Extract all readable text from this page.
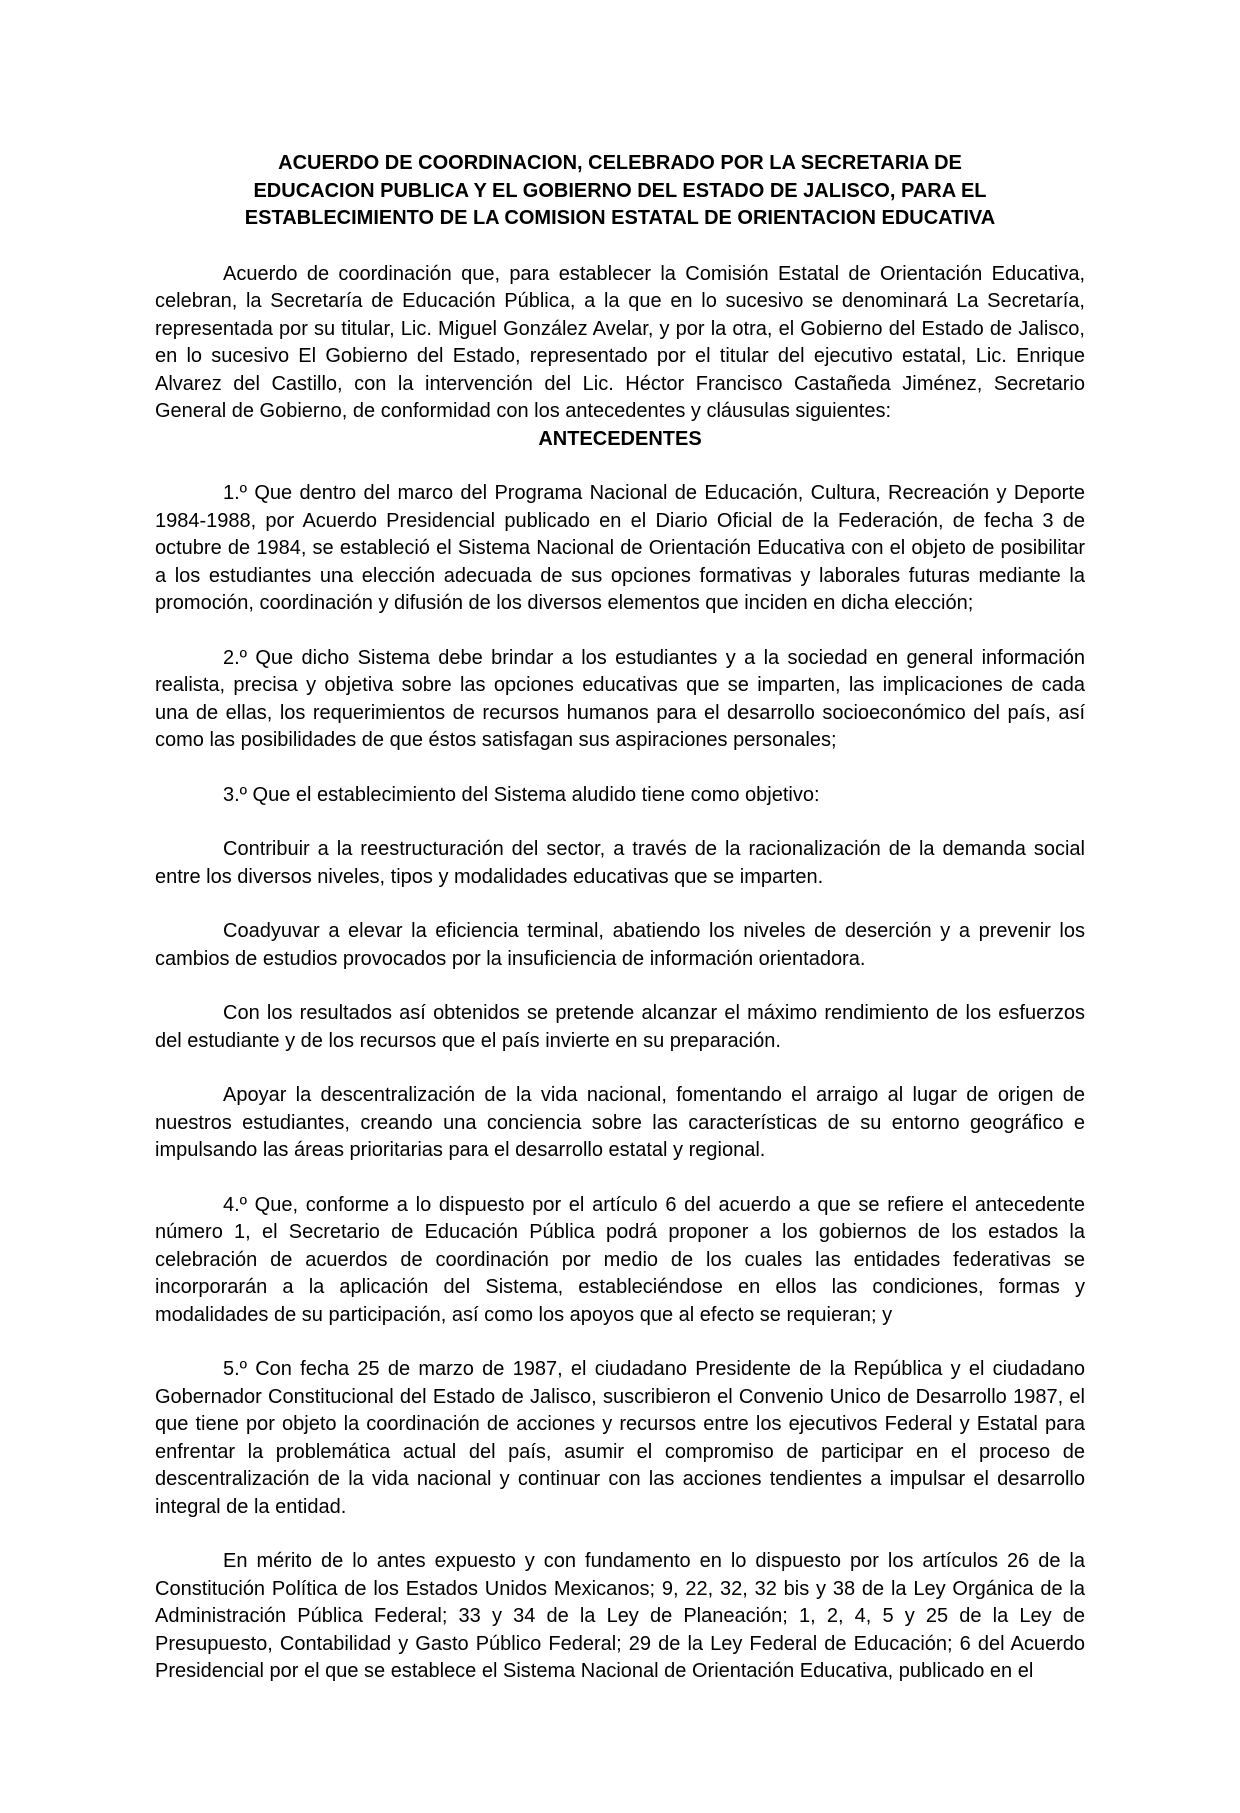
ACUERDO DE COORDINACION, CELEBRADO POR LA SECRETARIA DE EDUCACION PUBLICA Y EL GOBIERNO DEL ESTADO DE JALISCO, PARA EL ESTABLECIMIENTO DE LA COMISION ESTATAL DE ORIENTACION EDUCATIVA

Acuerdo de coordinación que, para establecer la Comisión Estatal de Orientación Educativa, celebran, la Secretaría de Educación Pública, a la que en lo sucesivo se denominará La Secretaría, representada por su titular, Lic. Miguel González Avelar, y por la otra, el Gobierno del Estado de Jalisco, en lo sucesivo El Gobierno del Estado, representado por el titular del ejecutivo estatal, Lic. Enrique Alvarez del Castillo, con la intervención del Lic. Héctor Francisco Castañeda Jiménez, Secretario General de Gobierno, de conformidad con los antecedentes y cláusulas siguientes:

ANTECEDENTES

1.º Que dentro del marco del Programa Nacional de Educación, Cultura, Recreación y Deporte 1984-1988, por Acuerdo Presidencial publicado en el Diario Oficial de la Federación, de fecha 3 de octubre de 1984, se estableció el Sistema Nacional de Orientación Educativa con el objeto de posibilitar a los estudiantes una elección adecuada de sus opciones formativas y laborales futuras mediante la promoción, coordinación y difusión de los diversos elementos que inciden en dicha elección;

2.º Que dicho Sistema debe brindar a los estudiantes y a la sociedad en general información realista, precisa y objetiva sobre las opciones educativas que se imparten, las implicaciones de cada una de ellas, los requerimientos de recursos humanos para el desarrollo socioeconómico del país, así como las posibilidades de que éstos satisfagan sus aspiraciones personales;

3.º Que el establecimiento del Sistema aludido tiene como objetivo:

Contribuir a la reestructuración del sector, a través de la racionalización de la demanda social entre los diversos niveles, tipos y modalidades educativas que se imparten.

Coadyuvar a elevar la eficiencia terminal, abatiendo los niveles de deserción y a prevenir los cambios de estudios provocados por la insuficiencia de información orientadora.

Con los resultados así obtenidos se pretende alcanzar el máximo rendimiento de los esfuerzos del estudiante y de los recursos que el país invierte en su preparación.

Apoyar la descentralización de la vida nacional, fomentando el arraigo al lugar de origen de nuestros estudiantes, creando una conciencia sobre las características de su entorno geográfico e impulsando las áreas prioritarias para el desarrollo estatal y regional.

4.º Que, conforme a lo dispuesto por el artículo 6 del acuerdo a que se refiere el antecedente número 1, el Secretario de Educación Pública podrá proponer a los gobiernos de los estados la celebración de acuerdos de coordinación por medio de los cuales las entidades federativas se incorporarán a la aplicación del Sistema, estableciéndose en ellos las condiciones, formas y modalidades de su participación, así como los apoyos que al efecto se requieran; y

5.º Con fecha 25 de marzo de 1987, el ciudadano Presidente de la República y el ciudadano Gobernador Constitucional del Estado de Jalisco, suscribieron el Convenio Unico de Desarrollo 1987, el que tiene por objeto la coordinación de acciones y recursos entre los ejecutivos Federal y Estatal para enfrentar la problemática actual del país, asumir el compromiso de participar en el proceso de descentralización de la vida nacional y continuar con las acciones tendientes a impulsar el desarrollo integral de la entidad.

En mérito de lo antes expuesto y con fundamento en lo dispuesto por los artículos 26 de la Constitución Política de los Estados Unidos Mexicanos; 9, 22, 32, 32 bis y 38 de la Ley Orgánica de la Administración Pública Federal; 33 y 34 de la Ley de Planeación; 1, 2, 4, 5 y 25 de la Ley de Presupuesto, Contabilidad y Gasto Público Federal; 29 de la Ley Federal de Educación; 6 del Acuerdo Presidencial por el que se establece el Sistema Nacional de Orientación Educativa, publicado en el
